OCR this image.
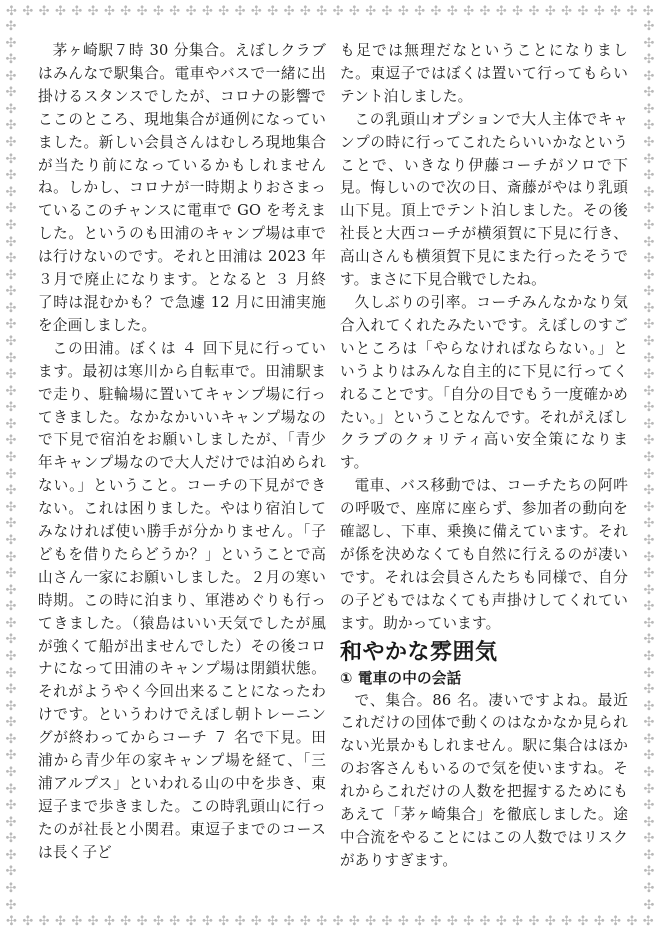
✣ ✣ ✣ ✣ ✣ ✣ ✣ ✣ ✣ ✣ ✣ ✣ ✣ ✣ ✣ ✣ ✣ ✣ ✣ ✣ ✣ ✣ ✣ ✣ ✣ ✣ ✣ ✣ ✣ ✣ ✣ ✣ ✣ ✣ ✣ ✣ ✣ ✣ ✣ ✣
✣ ✣ ✣ ✣ ✣ ✣ ✣ ✣ ✣ ✣ ✣ ✣ ✣ ✣ ✣ ✣ ✣ ✣ ✣ ✣ ✣ ✣ ✣ ✣ ✣ ✣ ✣ ✣ ✣ ✣ ✣ ✣ ✣ ✣ ✣ ✣ ✣ ✣ ✣ ✣
✣
✣
✣
✣
✣
✣
✣
✣
✣
✣
✣
✣
✣
✣
✣
✣
✣
✣
✣
✣
✣
✣
✣
✣
✣
✣
✣
✣
✣
✣
✣
✣
✣
✣
✣
✣
✣
✣
✣
✣
✣
✣
✣
✣
✣
✣
✣
✣
✣
✣
✣
✣
✣
✣
✣
✣
✣
✣
✣
✣
✣
✣
✣
✣
✣
✣
✣
✣
✣
✣
✣
✣
✣
✣
✣
✣
✣
✣
✣
✣
✣
✣
✣
✣
✣
✣
✣
✣
✣
✣
✣
✣
✣
✣
✣
✣
✣
✣
✣
✣
✣
✣
✣
✣
✣
✣
✣
✣

茅ヶ崎駅７時 30 分集合。えぼしクラブはみんなで駅集合。電車やバスで一緒に出掛けるスタンスでしたが、コロナの影響でここのところ、現地集合が通例になっていました。新しい会員さんはむしろ現地集合が当たり前になっているかもしれませんね。しかし、コロナが一時期よりおさまっているこのチャンスに電車で GO を考えました。というのも田浦のキャンプ場は車では行けないのです。それと田浦は 2023 年３月で廃止になります。となると ３ 月終了時は混むかも？で急遽 12 月に田浦実施を企画しました。

この田浦。ぼくは ４ 回下見に行っています。最初は寒川から自転車で。田浦駅まで走り、駐輪場に置いてキャンプ場に行ってきました。なかなかいいキャンプ場なので下見で宿泊をお願いしましたが、「青少年キャンプ場なので大人だけでは泊められない。」ということ。コーチの下見ができない。これは困りました。やはり宿泊してみなければ使い勝手が分かりません。「子どもを借りたらどうか？」ということで高山さん一家にお願いしました。２月の寒い時期。この時に泊まり、軍港めぐりも行ってきました。（猿島はいい天気でしたが風が強くて船が出ませんでした）その後コロナになって田浦のキャンプ場は閉鎖状態。それがようやく今回出来ることになったわけです。というわけでえぼし朝トレーニングが終わってからコーチ ７ 名で下見。田浦から青少年の家キャンプ場を経て、「三浦アルプス」といわれる山の中を歩き、東逗子まで歩きました。この時乳頭山に行ったのが社長と小関君。東逗子までのコースは長く子ど

も足では無理だなということになりました。東逗子ではぼくは置いて行ってもらいテント泊しました。

この乳頭山オプションで大人主体でキャンプの時に行ってこれたらいいかなということで、いきなり伊藤コーチがソロで下見。悔しいので次の日、斎藤がやはり乳頭山下見。頂上でテント泊しました。その後社長と大西コーチが横須賀に下見に行き、高山さんも横須賀下見にまた行ったそうです。まさに下見合戦でしたね。

久しぶりの引率。コーチみんなかなり気合入れてくれたみたいです。えぼしのすごいところは「やらなければならない。」というよりはみんな自主的に下見に行ってくれることです。「自分の目でもう一度確かめたい。」ということなんです。それがえぼしクラブのクォリティ高い安全策になります。

電車、バス移動では、コーチたちの阿吽の呼吸で、座席に座らず、参加者の動向を確認し、下車、乗換に備えています。それが係を決めなくても自然に行えるのが凄いです。それは会員さんたちも同様で、自分の子どもではなくても声掛けしてくれています。助かっています。

和やかな雰囲気
① 電車の中の会話

で、集合。86 名。凄いですよね。最近これだけの団体で動くのはなかなか見られない光景かもしれません。駅に集合はほかのお客さんもいるので気を使いますね。それからこれだけの人数を把握するためにもあえて「茅ヶ崎集合」を徹底しました。途中合流をやることにはこの人数ではリスクがありすぎます。
